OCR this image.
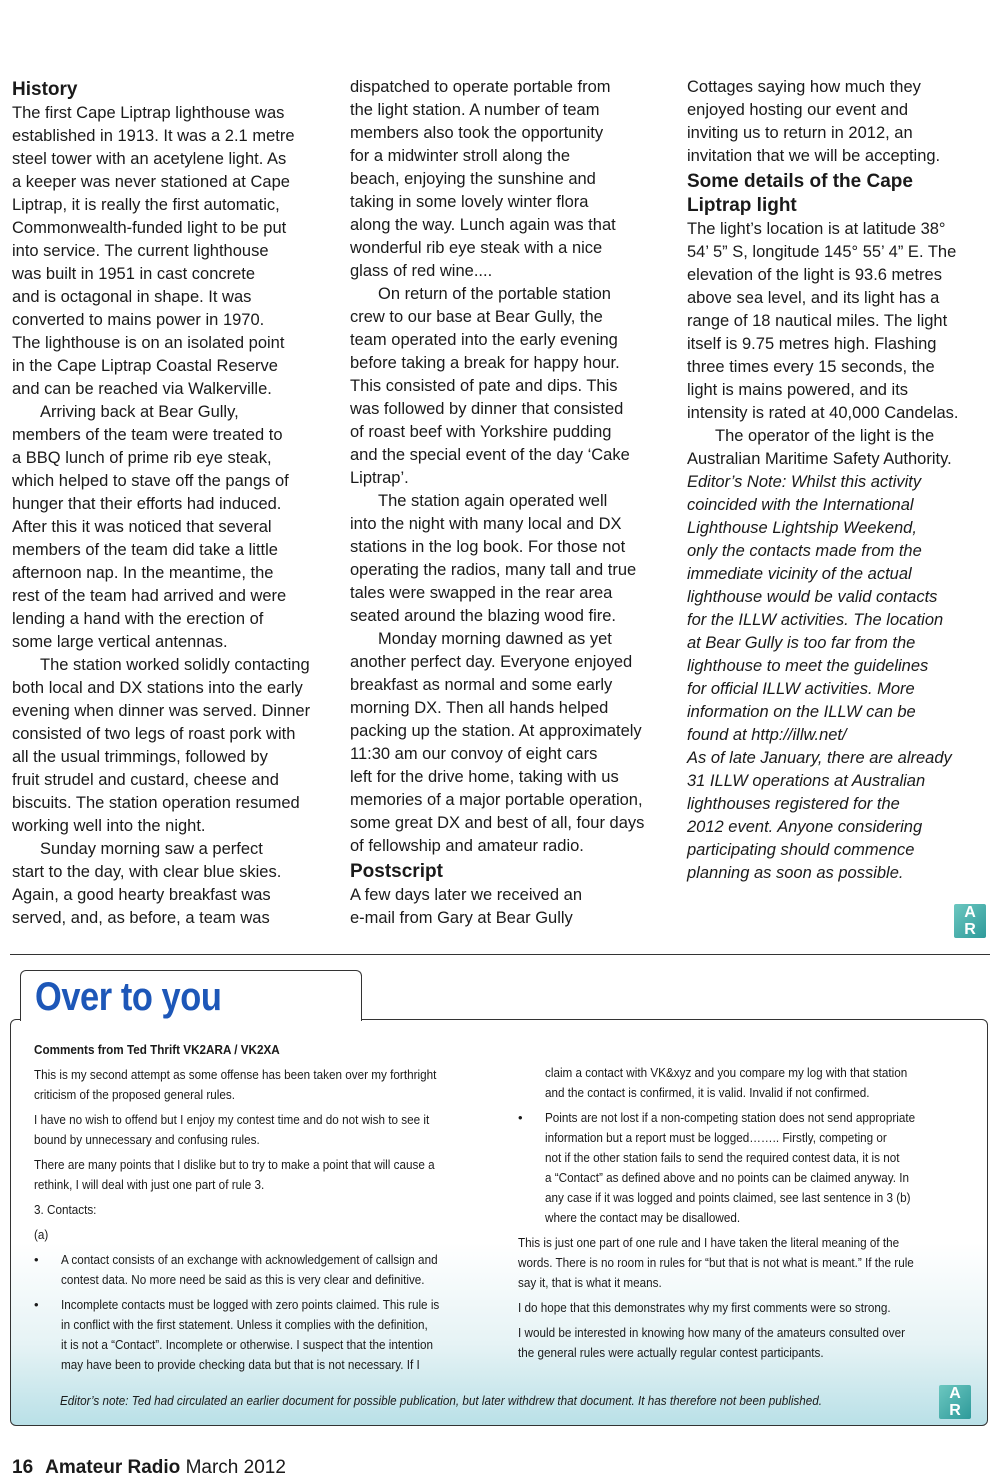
History
The first Cape Liptrap lighthouse was
established in 1913. It was a 2.1 metre
steel tower with an acetylene light. As
a keeper was never stationed at Cape
Liptrap, it is really the first automatic,
Commonwealth-funded light to be put
into service. The current lighthouse
was built in 1951 in cast concrete
and is octagonal in shape. It was
converted to mains power in 1970.
The lighthouse is on an isolated point
in the Cape Liptrap Coastal Reserve
and can be reached via Walkerville.
Arriving back at Bear Gully,
members of the team were treated to
a BBQ lunch of prime rib eye steak,
which helped to stave off the pangs of
hunger that their efforts had induced.
After this it was noticed that several
members of the team did take a little
afternoon nap. In the meantime, the
rest of the team had arrived and were
lending a hand with the erection of
some large vertical antennas.
The station worked solidly contacting
both local and DX stations into the early
evening when dinner was served. Dinner
consisted of two legs of roast pork with
all the usual trimmings, followed by
fruit strudel and custard, cheese and
biscuits. The station operation resumed
working well into the night.
Sunday morning saw a perfect
start to the day, with clear blue skies.
Again, a good hearty breakfast was
served, and, as before, a team was
dispatched to operate portable from
the light station. A number of team
members also took the opportunity
for a midwinter stroll along the
beach, enjoying the sunshine and
taking in some lovely winter flora
along the way. Lunch again was that
wonderful rib eye steak with a nice
glass of red wine....
On return of the portable station
crew to our base at Bear Gully, the
team operated into the early evening
before taking a break for happy hour.
This consisted of pate and dips. This
was followed by dinner that consisted
of roast beef with Yorkshire pudding
and the special event of the day ‘Cake
Liptrap’.
The station again operated well
into the night with many local and DX
stations in the log book. For those not
operating the radios, many tall and true
tales were swapped in the rear area
seated around the blazing wood fire.
Monday morning dawned as yet
another perfect day. Everyone enjoyed
breakfast as normal and some early
morning DX. Then all hands helped
packing up the station. At approximately
11:30 am our convoy of eight cars
left for the drive home, taking with us
memories of a major portable operation,
some great DX and best of all, four days
of fellowship and amateur radio.
Postscript
A few days later we received an
e-mail from Gary at Bear Gully
Cottages saying how much they
enjoyed hosting our event and
inviting us to return in 2012, an
invitation that we will be accepting.
Some details of the Cape
Liptrap light
The light’s location is at latitude 38°
54’ 5” S, longitude 145° 55’ 4” E. The
elevation of the light is 93.6 metres
above sea level, and its light has a
range of 18 nautical miles. The light
itself is 9.75 metres high. Flashing
three times every 15 seconds, the
light is mains powered, and its
intensity is rated at 40,000 Candelas.
The operator of the light is the
Australian Maritime Safety Authority.
Editor’s Note: Whilst this activity
coincided with the International
Lighthouse Lightship Weekend,
only the contacts made from the
immediate vicinity of the actual
lighthouse would be valid contacts
for the ILLW activities. The location
at Bear Gully is too far from the
lighthouse to meet the guidelines
for official ILLW activities. More
information on the ILLW can be
found at http://illw.net/
As of late January, there are already
31 ILLW operations at Australian
lighthouses registered for the
2012 event. Anyone considering
participating should commence
planning as soon as possible.
A
R
Over to you
Comments from Ted Thrift VK2ARA / VK2XA
This is my second attempt as some offense has been taken over my forthright
criticism of the proposed general rules.
I have no wish to offend but I enjoy my contest time and do not wish to see it
bound by unnecessary and confusing rules.
There are many points that I dislike but to try to make a point that will cause a
rethink, I will deal with just one part of rule 3.
3. Contacts:
(a)
• A contact consists of an exchange with acknowledgement of callsign and
contest data. No more need be said as this is very clear and definitive.
• Incomplete contacts must be logged with zero points claimed. This rule is
in conflict with the first statement. Unless it complies with the definition,
it is not a “Contact”. Incomplete or otherwise. I suspect that the intention
may have been to provide checking data but that is not necessary. If I
claim a contact with VK&xyz and you compare my log with that station
and the contact is confirmed, it is valid. Invalid if not confirmed.
• Points are not lost if a non-competing station does not send appropriate
information but a report must be logged…….. Firstly, competing or
not if the other station fails to send the required contest data, it is not
a “Contact” as defined above and no points can be claimed anyway. In
any case if it was logged and points claimed, see last sentence in 3 (b)
where the contact may be disallowed.
This is just one part of one rule and I have taken the literal meaning of the
words. There is no room in rules for “but that is not what is meant.” If the rule
say it, that is what it means.
I do hope that this demonstrates why my first comments were so strong.
I would be interested in knowing how many of the amateurs consulted over
the general rules were actually regular contest participants.
Editor’s note: Ted had circulated an earlier document for possible publication, but later withdrew that document. It has therefore not been published.	A
R
16 Amateur Radio March 2012
